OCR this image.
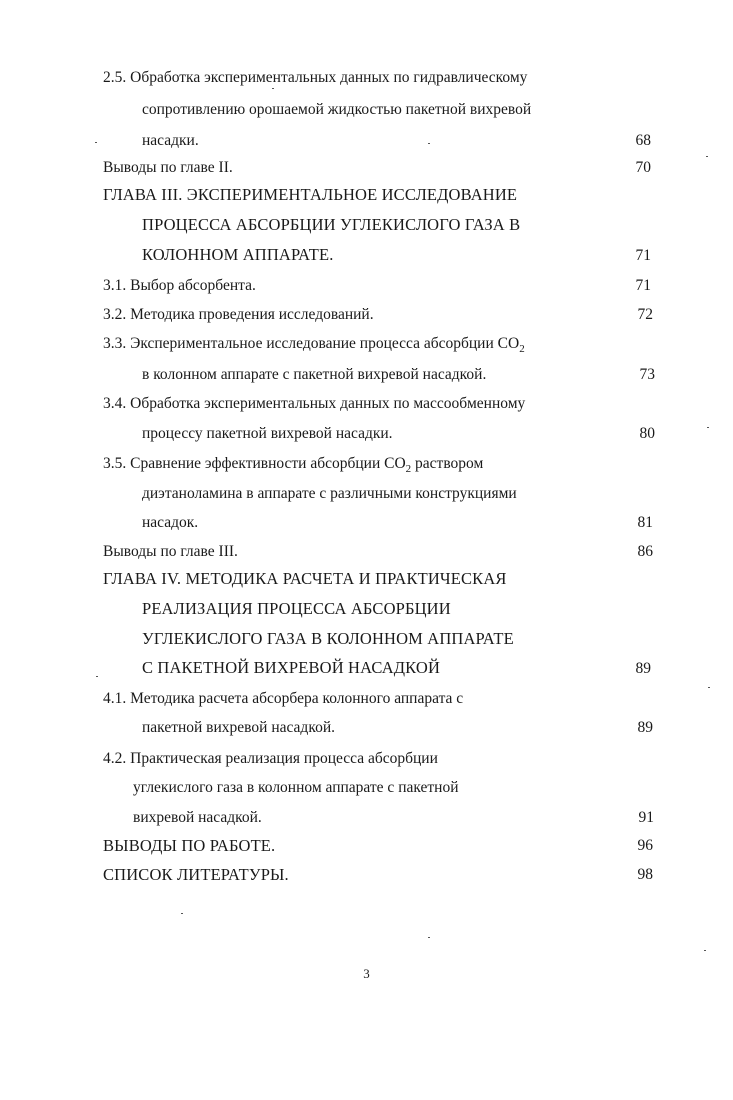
2.5. Обработка экспериментальных данных по гидравлическому
сопротивлению орошаемой жидкостью пакетной вихревой
насадки.	68
Выводы по главе II.	70
ГЛАВА III. ЭКСПЕРИМЕНТАЛЬНОЕ ИССЛЕДОВАНИЕ
ПРОЦЕССА АБСОРБЦИИ УГЛЕКИСЛОГО ГАЗА В
КОЛОННОМ АППАРАТЕ.	71
3.1. Выбор абсорбента.	71
3.2. Методика проведения исследований.	72
3.3. Экспериментальное исследование процесса абсорбции $СО_2$
в колонном аппарате с пакетной вихревой насадкой.	73
3.4. Обработка экспериментальных данных по массообменному
процессу пакетной вихревой насадки.	80
3.5. Сравнение эффективности абсорбции $СО_2$ раствором
диэтаноламина в аппарате с различными конструкциями
насадок.	81
Выводы по главе III.	86
ГЛАВА IV. МЕТОДИКА РАСЧЕТА И ПРАКТИЧЕСКАЯ
РЕАЛИЗАЦИЯ ПРОЦЕССА АБСОРБЦИИ
УГЛЕКИСЛОГО ГАЗА В КОЛОННОМ АППАРАТЕ
С ПАКЕТНОЙ ВИХРЕВОЙ НАСАДКОЙ	89
4.1. Методика расчета абсорбера колонного аппарата с
пакетной вихревой насадкой.	89
4.2. Практическая реализация процесса абсорбции
углекислого газа в колонном аппарате с пакетной
вихревой насадкой.	91
ВЫВОДЫ ПО РАБОТЕ.	96
СПИСОК ЛИТЕРАТУРЫ.	98
3
